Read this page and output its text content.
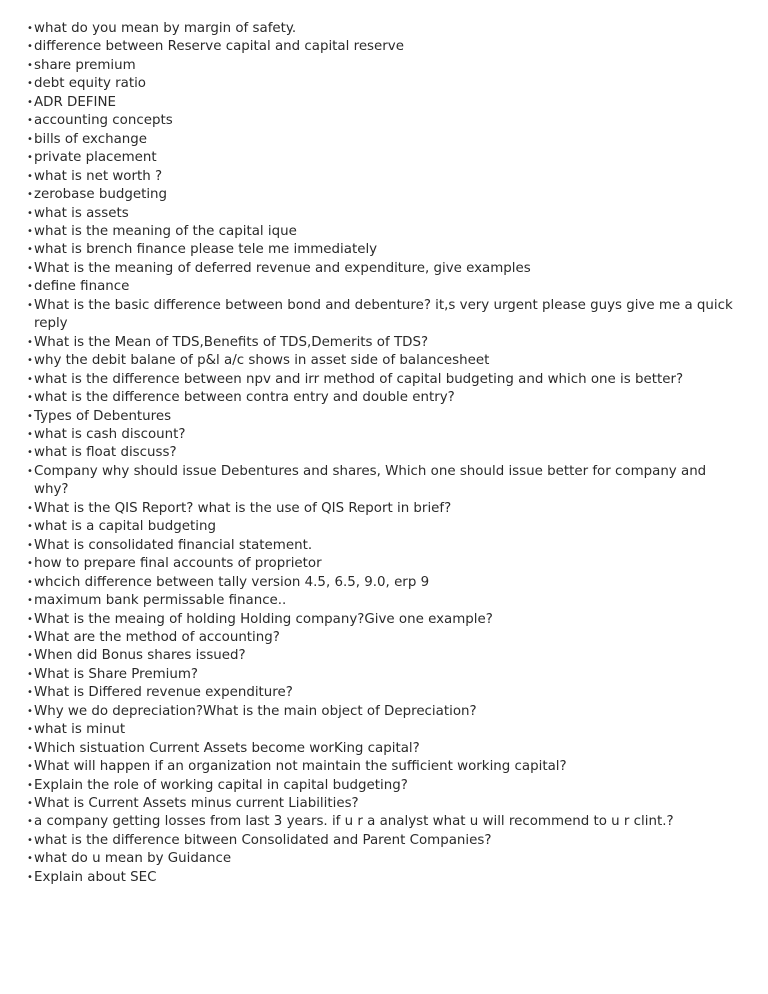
• what do you mean by margin of safety.
• difference between Reserve capital and capital reserve
• share premium
• debt equity ratio
• ADR DEFINE
• accounting concepts
• bills of exchange
• private placement
• what is net worth ?
• zerobase budgeting
• what is assets
• what is the meaning of the capital ique
• what is brench finance please tele me immediately
• What is the meaning of deferred revenue and expenditure, give examples
• define finance
• What is the basic difference between bond and debenture? it,s very urgent please guys give me a quick reply
• What is the Mean of TDS,Benefits of TDS,Demerits of TDS?
• why the debit balane of p&l a/c shows in asset side of balancesheet
• what is the difference between npv and irr method of capital budgeting and which one is better?
• what is the difference between contra entry and double entry?
• Types of Debentures
• what is cash discount?
• what is float discuss?
• Company why should issue Debentures and shares, Which one should issue better for company and why?
• What is the QIS Report? what is the use of QIS Report in brief?
• what is a capital budgeting
• What is consolidated financial statement.
• how to prepare final accounts of proprietor
• whcich difference between tally version 4.5, 6.5, 9.0, erp 9
• maximum bank permissable finance..
• What is the meaing of holding Holding company?Give one example?
• What are the method of accounting?
• When did Bonus shares issued?
• What is Share Premium?
• What is Differed revenue expenditure?
• Why we do depreciation?What is the main object of Depreciation?
• what is minut
• Which sistuation Current Assets become worKing capital?
• What will happen if an organization not maintain the sufficient working capital?
• Explain the role of working capital in capital budgeting?
• What is Current Assets minus current Liabilities?
• a company getting losses from last 3 years. if u r a analyst what u will recommend to u r clint.?
• what is the difference bitween Consolidated and Parent Companies?
• what do u mean by Guidance
• Explain about SEC
